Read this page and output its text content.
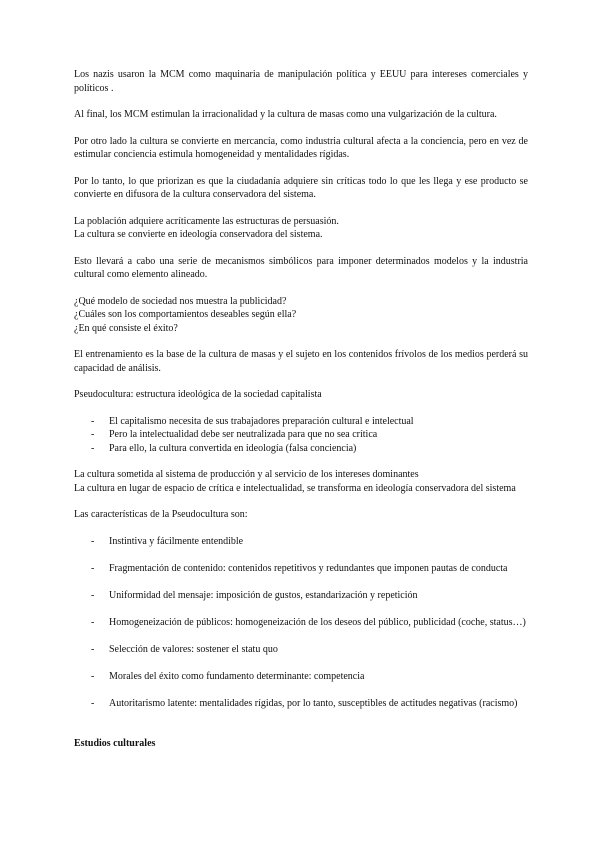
Los nazis usaron la MCM como maquinaria de manipulación política y EEUU para intereses comerciales y políticos .

Al final, los MCM estimulan la irracionalidad y la cultura de masas como una vulgarización de la cultura.

Por otro lado la cultura se convierte en mercancía, como industria cultural afecta a la conciencia, pero en vez de estimular conciencia estimula homogeneidad y mentalidades rígidas.

Por lo tanto, lo que priorizan es que la ciudadanía adquiere sin críticas todo lo que les llega y ese producto se convierte en difusora de la cultura conservadora del sistema.

La población adquiere acríticamente las estructuras de persuasión.

La cultura se convierte en ideología conservadora del sistema.

Esto llevará a cabo una serie de mecanismos simbólicos para imponer determinados modelos y la industria cultural como elemento alineado.

¿Qué modelo de sociedad nos muestra la publicidad?

¿Cuáles son los comportamientos deseables según ella?

¿En qué consiste el éxito?

El entrenamiento es la base de la cultura de masas y el sujeto en los contenidos frívolos de los medios perderá su capacidad de análisis.

Pseudocultura: estructura ideológica de la sociedad capitalista

- El capitalismo necesita de sus trabajadores preparación cultural e intelectual
- Pero la intelectualidad debe ser neutralizada para que no sea crítica
- Para ello, la cultura convertida en ideología (falsa conciencia)

La cultura sometida al sistema de producción y al servicio de los intereses dominantes

La cultura en lugar de espacio de crítica e intelectualidad, se transforma en ideología conservadora del sistema

Las características de la Pseudocultura son:

- Instintiva y fácilmente entendible
- Fragmentación de contenido: contenidos repetitivos y redundantes que imponen pautas de conducta
- Uniformidad del mensaje: imposición de gustos, estandarización y repetición
- Homogeneización de públicos: homogeneización de los deseos del público, publicidad (coche, status…)
- Selección de valores: sostener el statu quo
- Morales del éxito como fundamento determinante: competencia
- Autoritarismo latente: mentalidades rígidas, por lo tanto, susceptibles de actitudes negativas (racismo)

Estudios culturales
